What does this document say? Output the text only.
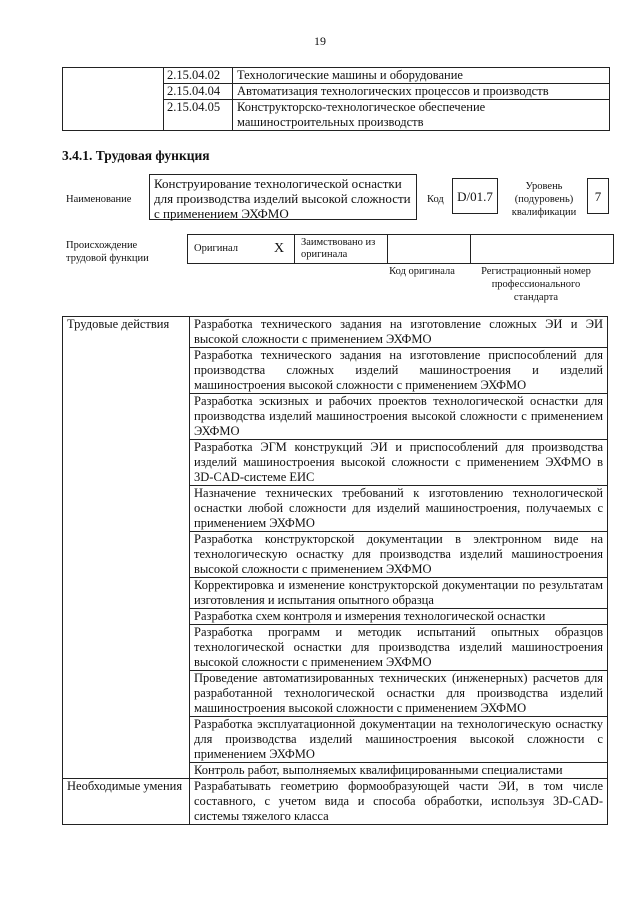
19
	2.15.04.02	Технологические машины и оборудование
	2.15.04.04	Автоматизация технологических процессов и производств
	2.15.04.05	Конструкторско-технологическое обеспечение машиностроительных производств
3.4.1. Трудовая функция
Наименование
Конструирование технологической оснастки для производства изделий высокой сложности с применением ЭХФМО
Код	D/01.7
Уровень (подуровень) квалификации
7
Происхождение трудовой функции
Оригинал	X	Заимствовано из оригинала		
Код оригинала	Регистрационный номер профессионального стандарта
Трудовые действия	Разработка технического задания на изготовление сложных ЭИ и ЭИ высокой сложности с применением ЭХФМО
	Разработка технического задания на изготовление приспособлений для производства сложных изделий машиностроения и изделий машиностроения высокой сложности с применением ЭХФМО
	Разработка эскизных и рабочих проектов технологической оснастки для производства изделий машиностроения высокой сложности с применением ЭХФМО
	Разработка ЭГМ конструкций ЭИ и приспособлений для производства изделий машиностроения высокой сложности с применением ЭХФМО в 3D-CAD-системе ЕИС
	Назначение технических требований к изготовлению технологической оснастки любой сложности для изделий машиностроения, получаемых с применением ЭХФМО
	Разработка конструкторской документации в электронном виде на технологическую оснастку для производства изделий машиностроения высокой сложности с применением ЭХФМО
	Корректировка и изменение конструкторской документации по результатам изготовления и испытания опытного образца
	Разработка схем контроля и измерения технологической оснастки
	Разработка программ и методик испытаний опытных образцов технологической оснастки для производства изделий машиностроения высокой сложности с применением ЭХФМО
	Проведение автоматизированных технических (инженерных) расчетов для разработанной технологической оснастки для производства изделий машиностроения высокой сложности с применением ЭХФМО
	Разработка эксплуатационной документации на технологическую оснастку для производства изделий машиностроения высокой сложности с применением ЭХФМО
	Контроль работ, выполняемых квалифицированными специалистами
Необходимые умения	Разрабатывать геометрию формообразующей части ЭИ, в том числе составного, с учетом вида и способа обработки, используя 3D-CAD-системы тяжелого класса
